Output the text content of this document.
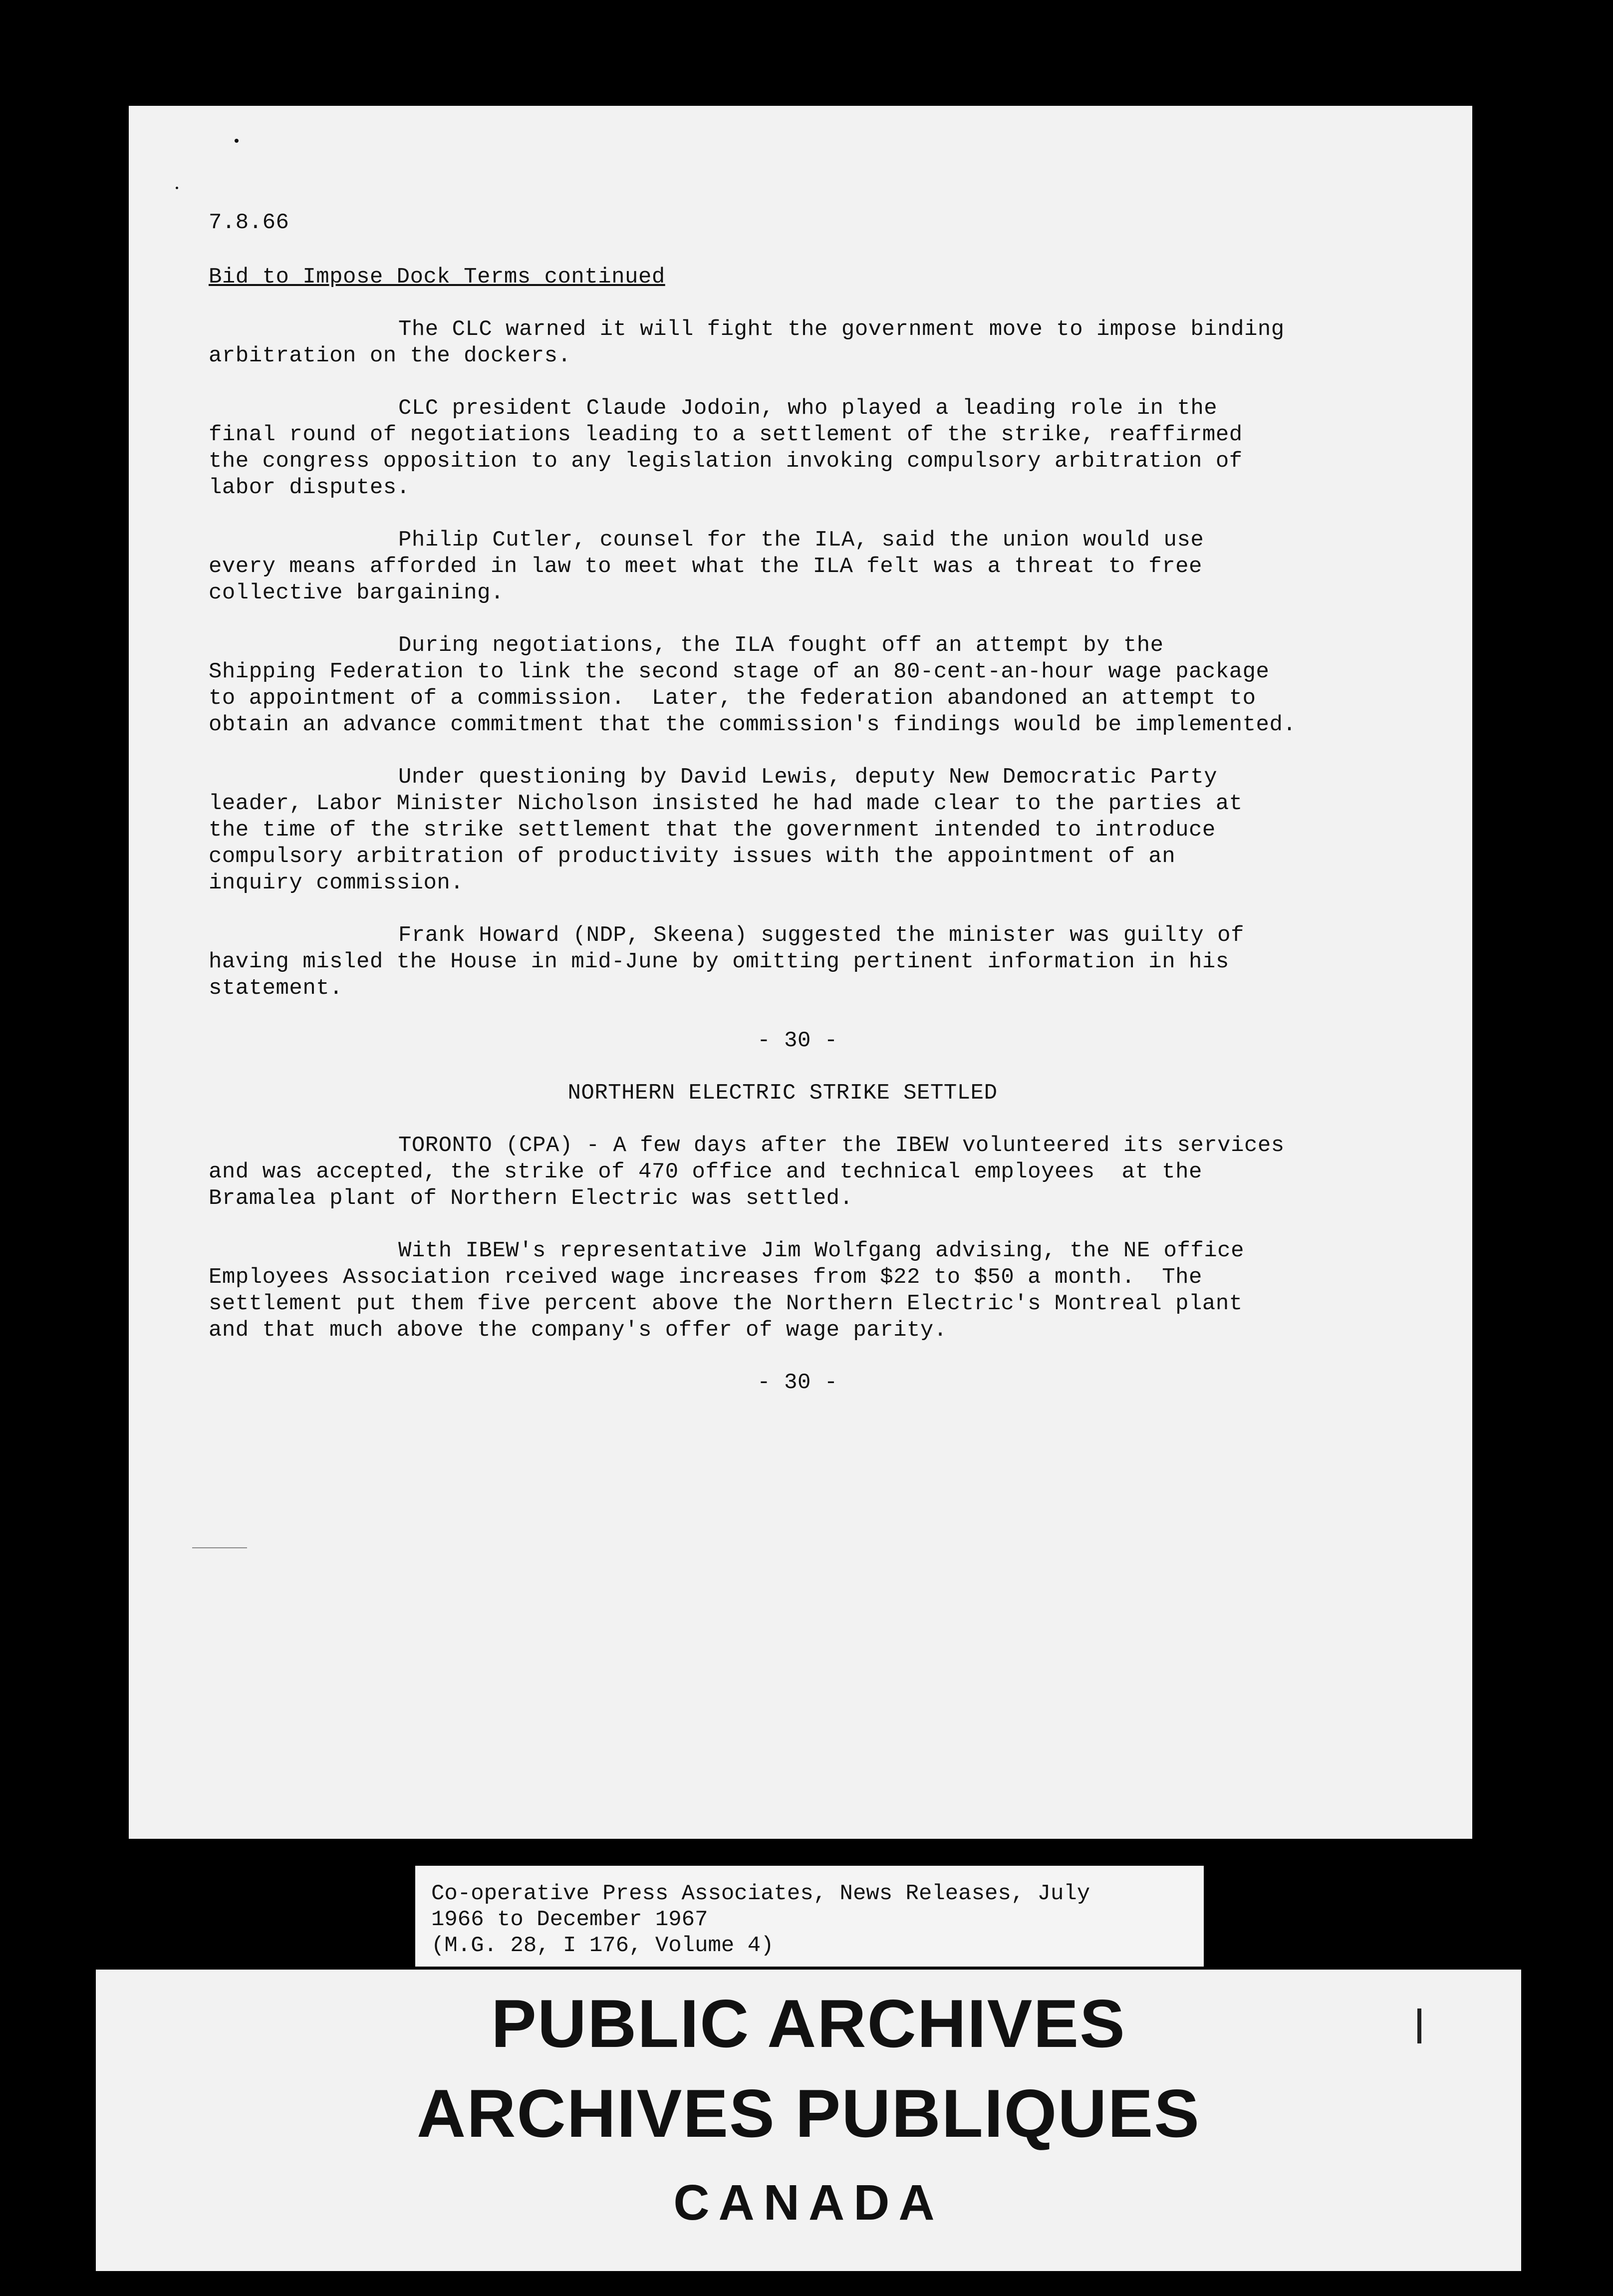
7.8.66
Bid to Impose Dock Terms continued
The CLC warned it will fight the government move to impose binding
arbitration on the dockers.
CLC president Claude Jodoin, who played a leading role in the
final round of negotiations leading to a settlement of the strike, reaffirmed
the congress opposition to any legislation invoking compulsory arbitration of
labor disputes.
Philip Cutler, counsel for the ILA, said the union would use
every means afforded in law to meet what the ILA felt was a threat to free
collective bargaining.
During negotiations, the ILA fought off an attempt by the
Shipping Federation to link the second stage of an 80-cent-an-hour wage package
to appointment of a commission.  Later, the federation abandoned an attempt to
obtain an advance commitment that the commission's findings would be implemented.
Under questioning by David Lewis, deputy New Democratic Party
leader, Labor Minister Nicholson insisted he had made clear to the parties at
the time of the strike settlement that the government intended to introduce
compulsory arbitration of productivity issues with the appointment of an
inquiry commission.
Frank Howard (NDP, Skeena) suggested the minister was guilty of
having misled the House in mid-June by omitting pertinent information in his
statement.
- 30 -
NORTHERN ELECTRIC STRIKE SETTLED
TORONTO (CPA) - A few days after the IBEW volunteered its services
and was accepted, the strike of 470 office and technical employees  at the
Bramalea plant of Northern Electric was settled.
With IBEW's representative Jim Wolfgang advising, the NE office
Employees Association rceived wage increases from $22 to $50 a month.  The
settlement put them five percent above the Northern Electric's Montreal plant
and that much above the company's offer of wage parity.
- 30 -
Co-operative Press Associates, News Releases, July
1966 to December 1967
(M.G. 28, I 176, Volume 4)
PUBLIC ARCHIVES
ARCHIVES PUBLIQUES
CANADA
